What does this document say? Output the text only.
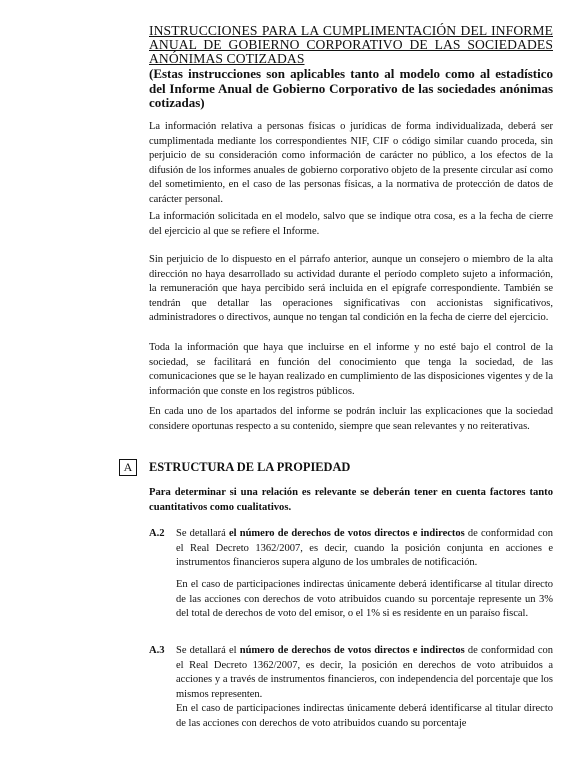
INSTRUCCIONES PARA LA CUMPLIMENTACIÓN DEL INFORME ANUAL DE GOBIERNO CORPORATIVO DE LAS SOCIEDADES ANÓNIMAS COTIZADAS
(Estas instrucciones son aplicables tanto al modelo como al estadístico del Informe Anual de Gobierno Corporativo de las sociedades anónimas cotizadas)

La información relativa a personas físicas o jurídicas de forma individualizada, deberá ser cumplimentada mediante los correspondientes NIF, CIF o código similar cuando proceda, sin perjuicio de su consideración como información de carácter no público, a los efectos de la difusión de los informes anuales de gobierno corporativo objeto de la presente circular así como del sometimiento, en el caso de las personas físicas, a la normativa de protección de datos de carácter personal.

La información solicitada en el modelo, salvo que se indique otra cosa, es a la fecha de cierre del ejercicio al que se refiere el Informe.

Sin perjuicio de lo dispuesto en el párrafo anterior, aunque un consejero o miembro de la alta dirección no haya desarrollado su actividad durante el período completo sujeto a información, la remuneración que haya percibido será incluida en el epígrafe correspondiente. También se tendrán que detallar las operaciones significativas con accionistas significativos, administradores o directivos, aunque no tengan tal condición en la fecha de cierre del ejercicio.

Toda la información que haya que incluirse en el informe y no esté bajo el control de la sociedad, se facilitará en función del conocimiento que tenga la sociedad, de las comunicaciones que se le hayan realizado en cumplimiento de las disposiciones vigentes y de la información que conste en los registros públicos.

En cada uno de los apartados del informe se podrán incluir las explicaciones que la sociedad considere oportunas respecto a su contenido, siempre que sean relevantes y no reiterativas.

A	ESTRUCTURA DE LA PROPIEDAD
Para determinar si una relación es relevante se deberán tener en cuenta factores tanto cuantitativos como cualitativos.
A.2 Se detallará el número de derechos de votos directos e indirectos de conformidad con el Real Decreto 1362/2007, es decir, cuando la posición conjunta en acciones e instrumentos financieros supera alguno de los umbrales de notificación.

En el caso de participaciones indirectas únicamente deberá identificarse al titular directo de las acciones con derechos de voto atribuidos cuando su porcentaje represente un 3% del total de derechos de voto del emisor, o el 1% si es residente en un paraíso fiscal.

A.3 Se detallará el número de derechos de votos directos e indirectos de conformidad con el Real Decreto 1362/2007, es decir, la posición en derechos de voto atribuidos a acciones y a través de instrumentos financieros, con independencia del porcentaje que los mismos representen.

En el caso de participaciones indirectas únicamente deberá identificarse al titular directo de las acciones con derechos de voto atribuidos cuando su porcentaje
